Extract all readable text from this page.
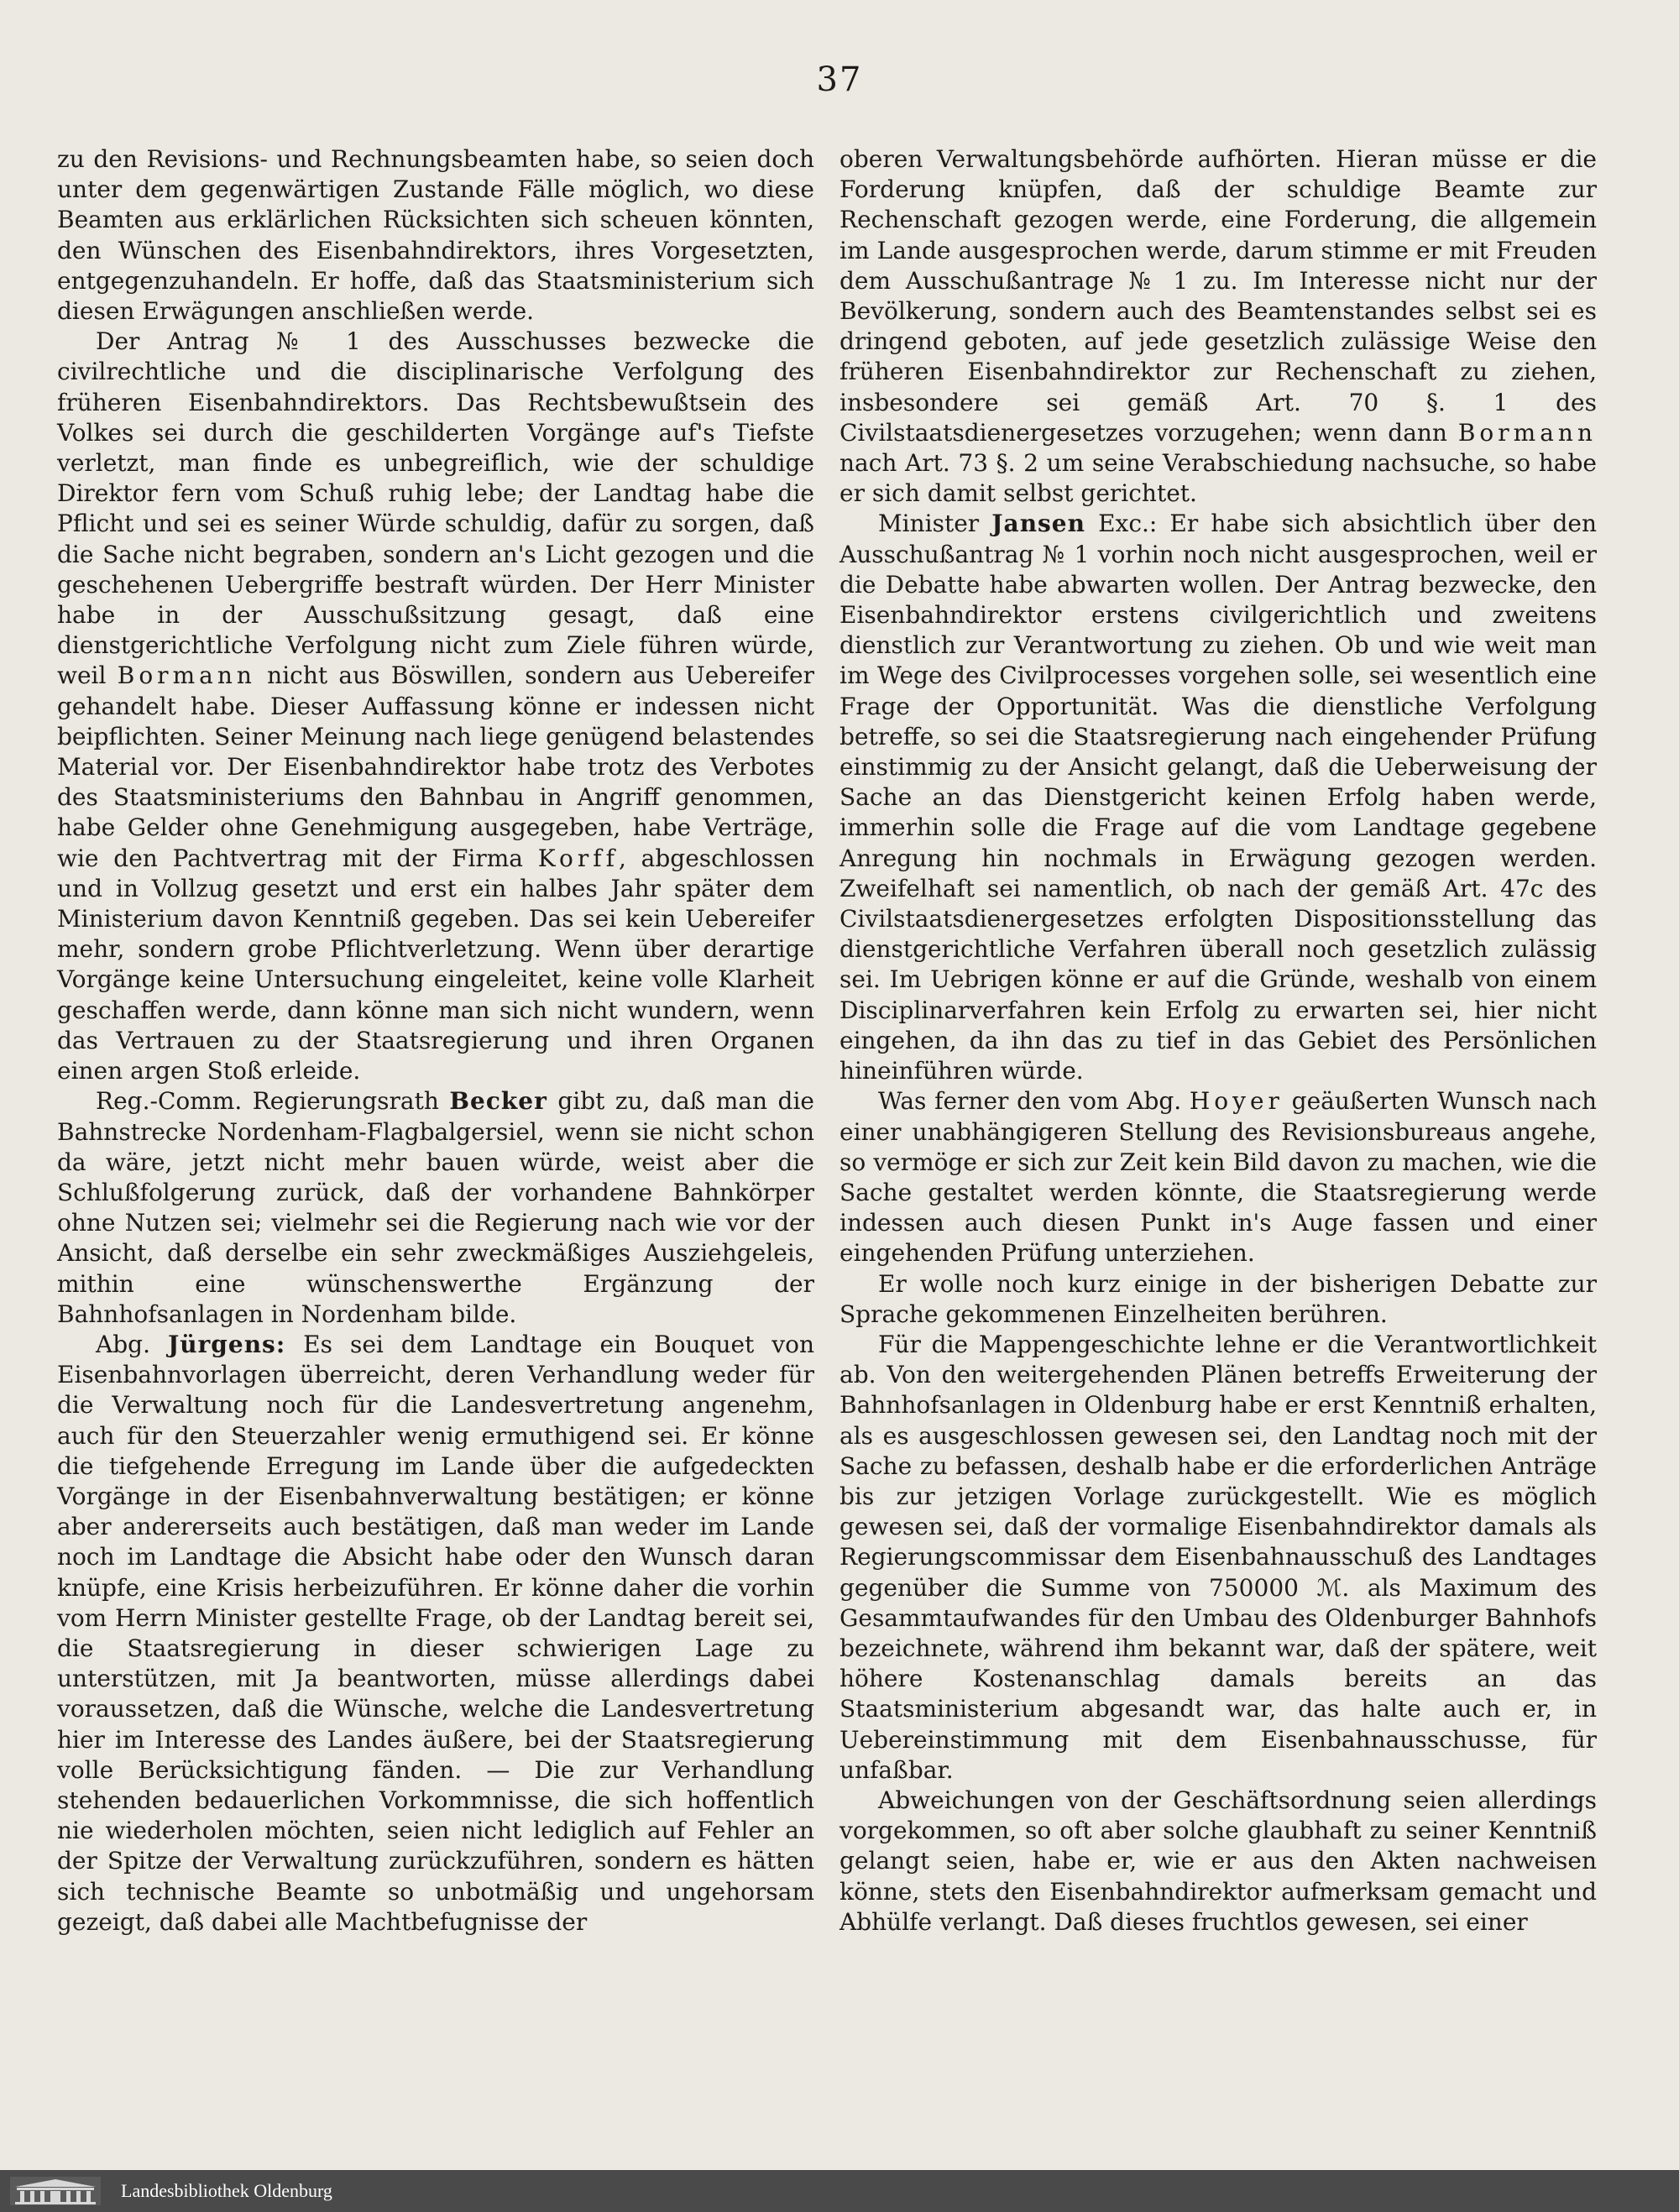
37

zu den Revisions- und Rechnungsbeamten habe, so seien doch unter dem gegenwärtigen Zustande Fälle möglich, wo diese Beamten aus erklärlichen Rücksichten sich scheuen könnten, den Wünschen des Eisenbahndirektors, ihres Vorgesetzten, entgegenzuhandeln. Er hoffe, daß das Staatsministerium sich diesen Erwägungen anschließen werde.

Der Antrag № 1 des Ausschusses bezwecke die civilrechtliche und die disciplinarische Verfolgung des früheren Eisenbahndirektors. Das Rechtsbewußtsein des Volkes sei durch die geschilderten Vorgänge auf's Tiefste verletzt, man finde es unbegreiflich, wie der schuldige Direktor fern vom Schuß ruhig lebe; der Landtag habe die Pflicht und sei es seiner Würde schuldig, dafür zu sorgen, daß die Sache nicht begraben, sondern an's Licht gezogen und die geschehenen Uebergriffe bestraft würden. Der Herr Minister habe in der Ausschußsitzung gesagt, daß eine dienstgerichtliche Verfolgung nicht zum Ziele führen würde, weil Bormann nicht aus Böswillen, sondern aus Uebereifer gehandelt habe. Dieser Auffassung könne er indessen nicht beipflichten. Seiner Meinung nach liege genügend belastendes Material vor. Der Eisenbahndirektor habe trotz des Verbotes des Staatsministeriums den Bahnbau in Angriff genommen, habe Gelder ohne Genehmigung ausgegeben, habe Verträge, wie den Pachtvertrag mit der Firma Korff, abgeschlossen und in Vollzug gesetzt und erst ein halbes Jahr später dem Ministerium davon Kenntniß gegeben. Das sei kein Uebereifer mehr, sondern grobe Pflichtverletzung. Wenn über derartige Vorgänge keine Untersuchung eingeleitet, keine volle Klarheit geschaffen werde, dann könne man sich nicht wundern, wenn das Vertrauen zu der Staatsregierung und ihren Organen einen argen Stoß erleide.

Reg.-Comm. Regierungsrath Becker gibt zu, daß man die Bahnstrecke Nordenham-Flagbalgersiel, wenn sie nicht schon da wäre, jetzt nicht mehr bauen würde, weist aber die Schlußfolgerung zurück, daß der vorhandene Bahnkörper ohne Nutzen sei; vielmehr sei die Regierung nach wie vor der Ansicht, daß derselbe ein sehr zweckmäßiges Ausziehgeleis, mithin eine wünschenswerthe Ergänzung der Bahnhofsanlagen in Nordenham bilde.

Abg. Jürgens: Es sei dem Landtage ein Bouquet von Eisenbahnvorlagen überreicht, deren Verhandlung weder für die Verwaltung noch für die Landesvertretung angenehm, auch für den Steuerzahler wenig ermuthigend sei. Er könne die tiefgehende Erregung im Lande über die aufgedeckten Vorgänge in der Eisenbahnverwaltung bestätigen; er könne aber andererseits auch bestätigen, daß man weder im Lande noch im Landtage die Absicht habe oder den Wunsch daran knüpfe, eine Krisis herbeizuführen. Er könne daher die vorhin vom Herrn Minister gestellte Frage, ob der Landtag bereit sei, die Staatsregierung in dieser schwierigen Lage zu unterstützen, mit Ja beantworten, müsse allerdings dabei voraussetzen, daß die Wünsche, welche die Landesvertretung hier im Interesse des Landes äußere, bei der Staatsregierung volle Berücksichtigung fänden. — Die zur Verhandlung stehenden bedauerlichen Vorkommnisse, die sich hoffentlich nie wiederholen möchten, seien nicht lediglich auf Fehler an der Spitze der Verwaltung zurückzuführen, sondern es hätten sich technische Beamte so unbotmäßig und ungehorsam gezeigt, daß dabei alle Machtbefugnisse der

oberen Verwaltungsbehörde aufhörten. Hieran müsse er die Forderung knüpfen, daß der schuldige Beamte zur Rechenschaft gezogen werde, eine Forderung, die allgemein im Lande ausgesprochen werde, darum stimme er mit Freuden dem Ausschußantrage № 1 zu. Im Interesse nicht nur der Bevölkerung, sondern auch des Beamtenstandes selbst sei es dringend geboten, auf jede gesetzlich zulässige Weise den früheren Eisenbahndirektor zur Rechenschaft zu ziehen, insbesondere sei gemäß Art. 70 §. 1 des Civilstaatsdienergesetzes vorzugehen; wenn dann Bormann nach Art. 73 §. 2 um seine Verabschiedung nachsuche, so habe er sich damit selbst gerichtet.

Minister Jansen Exc.: Er habe sich absichtlich über den Ausschußantrag № 1 vorhin noch nicht ausgesprochen, weil er die Debatte habe abwarten wollen. Der Antrag bezwecke, den Eisenbahndirektor erstens civilgerichtlich und zweitens dienstlich zur Verantwortung zu ziehen. Ob und wie weit man im Wege des Civilprocesses vorgehen solle, sei wesentlich eine Frage der Opportunität. Was die dienstliche Verfolgung betreffe, so sei die Staatsregierung nach eingehender Prüfung einstimmig zu der Ansicht gelangt, daß die Ueberweisung der Sache an das Dienstgericht keinen Erfolg haben werde, immerhin solle die Frage auf die vom Landtage gegebene Anregung hin nochmals in Erwägung gezogen werden. Zweifelhaft sei namentlich, ob nach der gemäß Art. 47c des Civilstaatsdienergesetzes erfolgten Dispositionsstellung das dienstgerichtliche Verfahren überall noch gesetzlich zulässig sei. Im Uebrigen könne er auf die Gründe, weshalb von einem Disciplinarverfahren kein Erfolg zu erwarten sei, hier nicht eingehen, da ihn das zu tief in das Gebiet des Persönlichen hineinführen würde.

Was ferner den vom Abg. Hoyer geäußerten Wunsch nach einer unabhängigeren Stellung des Revisionsbureaus angehe, so vermöge er sich zur Zeit kein Bild davon zu machen, wie die Sache gestaltet werden könnte, die Staatsregierung werde indessen auch diesen Punkt in's Auge fassen und einer eingehenden Prüfung unterziehen.

Er wolle noch kurz einige in der bisherigen Debatte zur Sprache gekommenen Einzelheiten berühren.

Für die Mappengeschichte lehne er die Verantwortlichkeit ab. Von den weitergehenden Plänen betreffs Erweiterung der Bahnhofsanlagen in Oldenburg habe er erst Kenntniß erhalten, als es ausgeschlossen gewesen sei, den Landtag noch mit der Sache zu befassen, deshalb habe er die erforderlichen Anträge bis zur jetzigen Vorlage zurückgestellt. Wie es möglich gewesen sei, daß der vormalige Eisenbahndirektor damals als Regierungscommissar dem Eisenbahnausschuß des Landtages gegenüber die Summe von 750000 ℳ. als Maximum des Gesammtaufwandes für den Umbau des Oldenburger Bahnhofs bezeichnete, während ihm bekannt war, daß der spätere, weit höhere Kostenanschlag damals bereits an das Staatsministerium abgesandt war, das halte auch er, in Uebereinstimmung mit dem Eisenbahnausschusse, für unfaßbar.

Abweichungen von der Geschäftsordnung seien allerdings vorgekommen, so oft aber solche glaubhaft zu seiner Kenntniß gelangt seien, habe er, wie er aus den Akten nachweisen könne, stets den Eisenbahndirektor aufmerksam gemacht und Abhülfe verlangt. Daß dieses fruchtlos gewesen, sei einer

Landesbibliothek Oldenburg
